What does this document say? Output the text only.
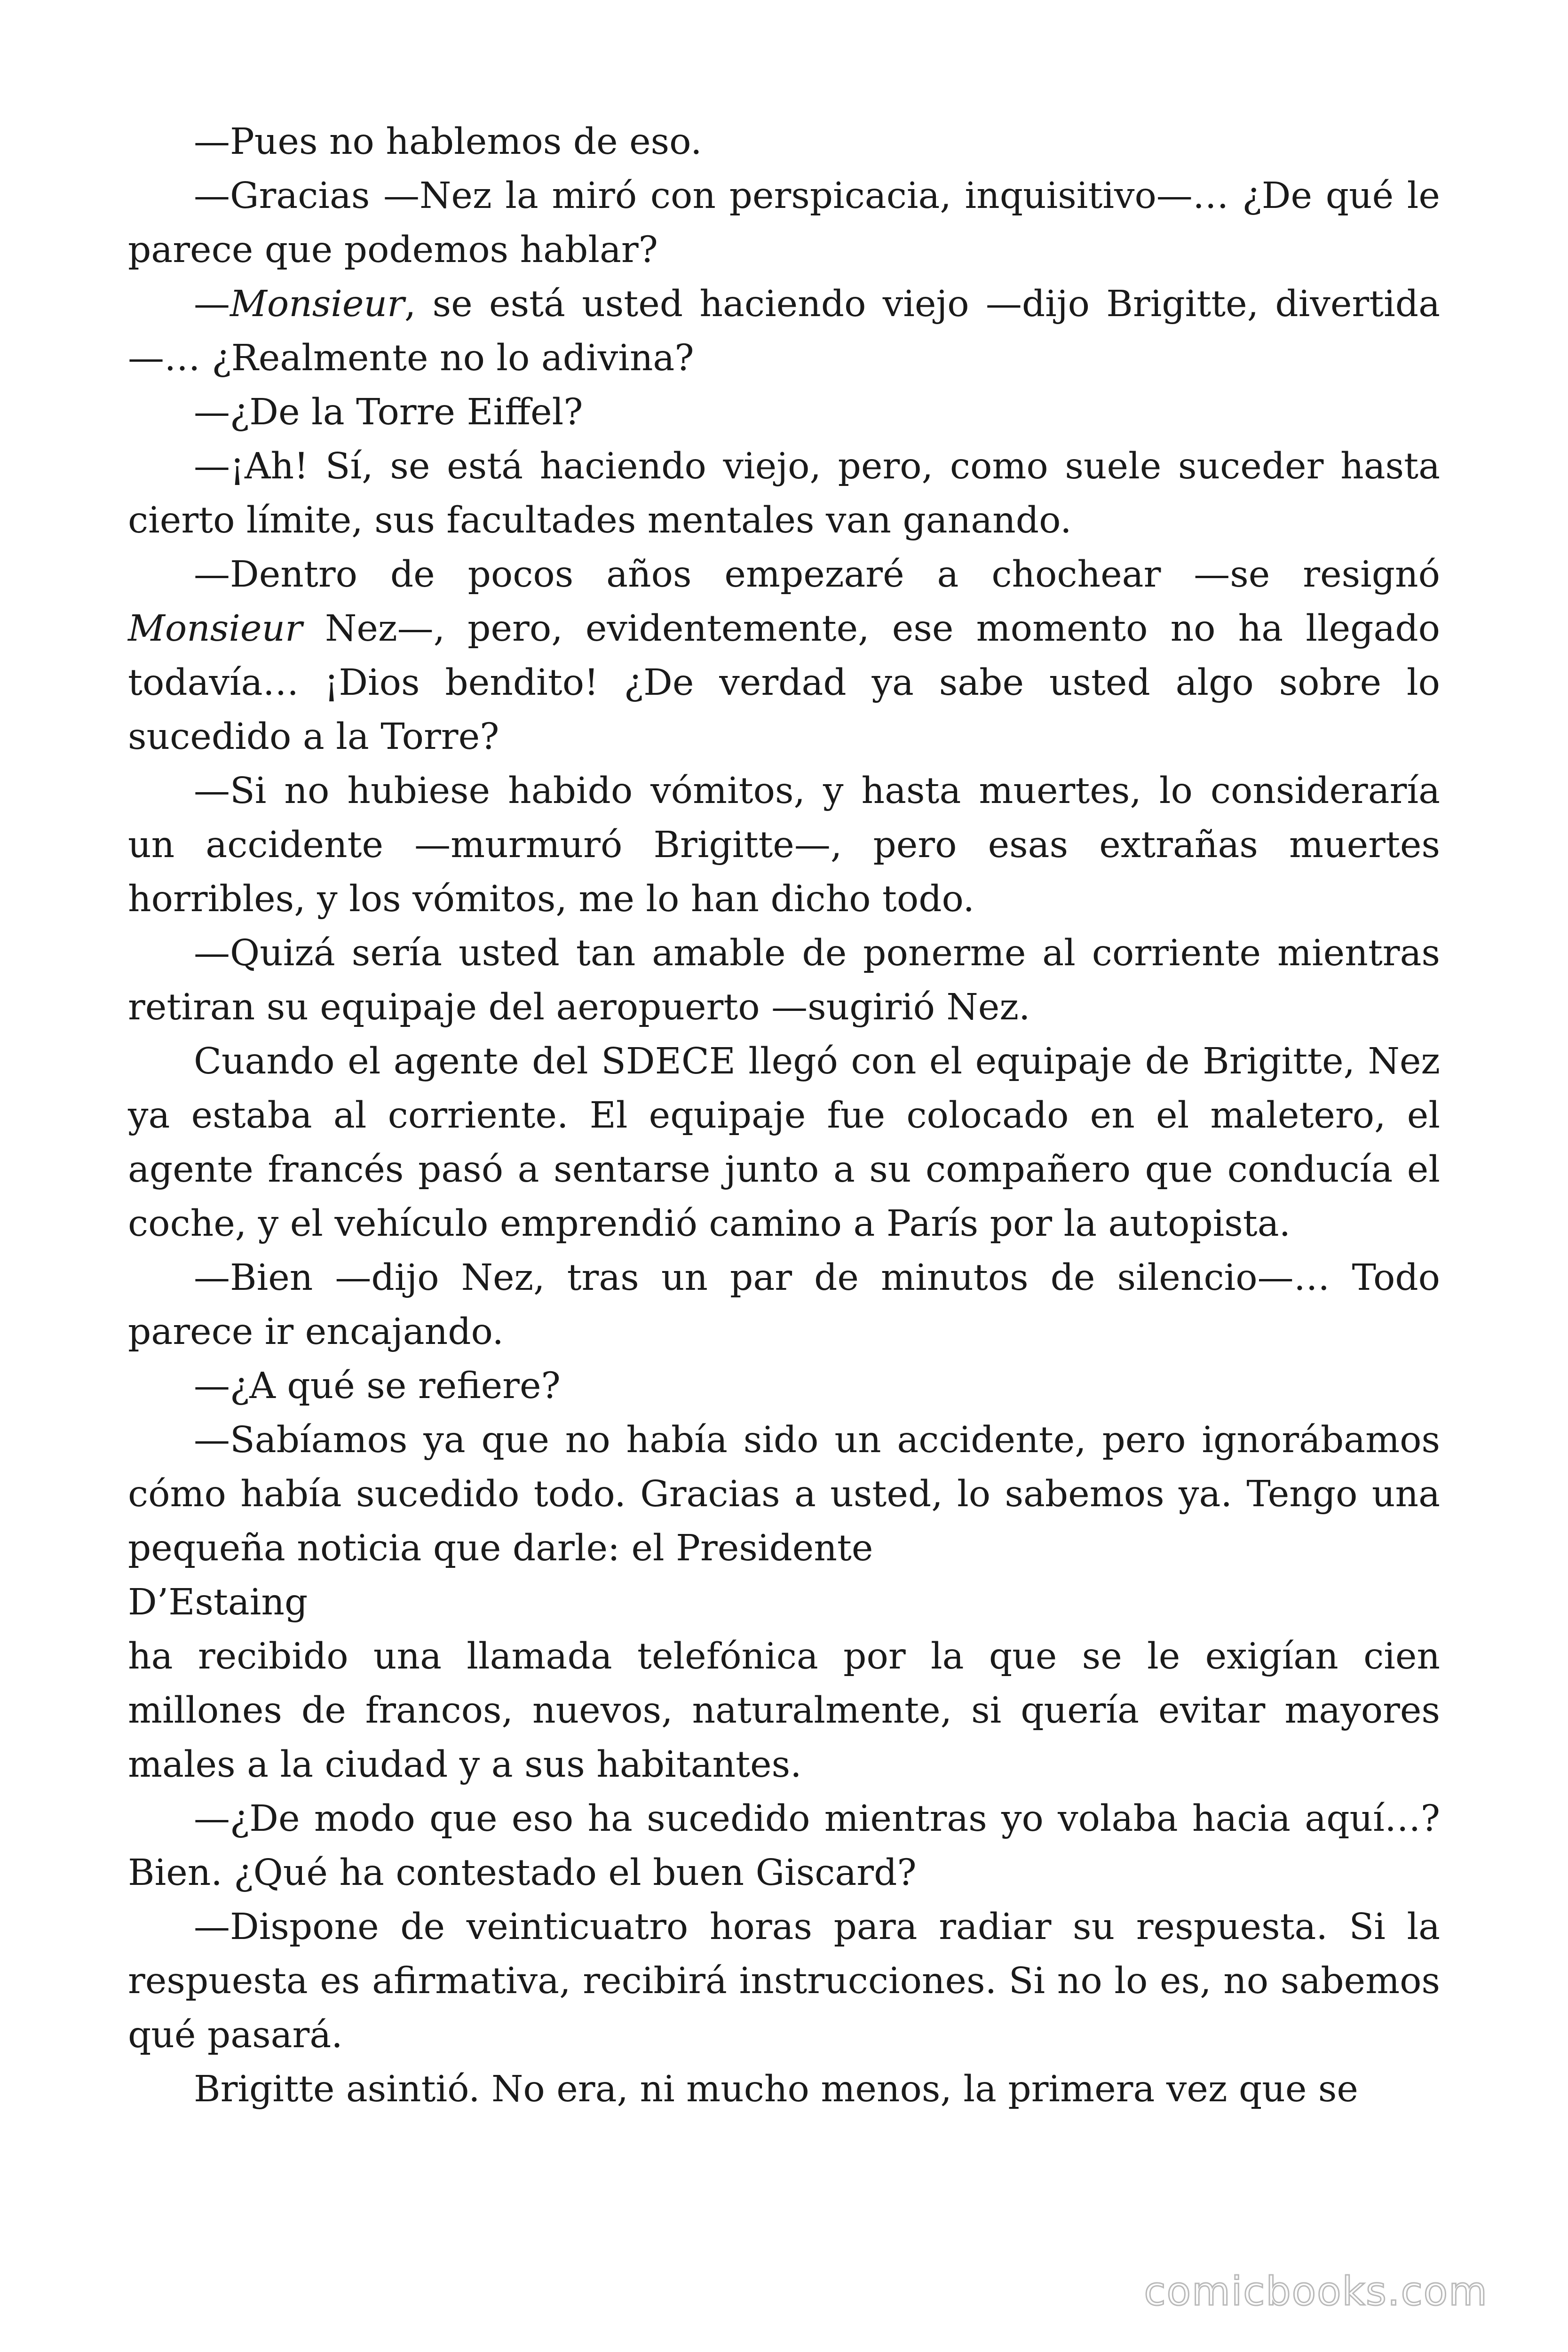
—Pues no hablemos de eso.

—Gracias —Nez la miró con perspicacia, inquisitivo—… ¿De qué le parece que podemos hablar?

—Monsieur, se está usted haciendo viejo —dijo Brigitte, divertida—… ¿Realmente no lo adivina?

—¿De la Torre Eiffel?

—¡Ah! Sí, se está haciendo viejo, pero, como suele suceder hasta cierto límite, sus facultades mentales van ganando.

—Dentro de pocos años empezaré a chochear —se resignó Monsieur Nez—, pero, evidentemente, ese momento no ha llegado todavía… ¡Dios bendito! ¿De verdad ya sabe usted algo sobre lo sucedido a la Torre?

—Si no hubiese habido vómitos, y hasta muertes, lo consideraría un accidente —murmuró Brigitte—, pero esas extrañas muertes horribles, y los vómitos, me lo han dicho todo.

—Quizá sería usted tan amable de ponerme al corriente mientras retiran su equipaje del aeropuerto —sugirió Nez.

Cuando el agente del SDECE llegó con el equipaje de Brigitte, Nez ya estaba al corriente. El equipaje fue colocado en el maletero, el agente francés pasó a sentarse junto a su compañero que conducía el coche, y el vehículo emprendió camino a París por la autopista.

—Bien —dijo Nez, tras un par de minutos de silencio—… Todo parece ir encajando.

—¿A qué se refiere?

—Sabíamos ya que no había sido un accidente, pero ignorábamos cómo había sucedido todo. Gracias a usted, lo sabemos ya. Tengo una pequeña noticia que darle: el Presidente

D’Estaing

ha recibido una llamada telefónica por la que se le exigían cien millones de francos, nuevos, naturalmente, si quería evitar mayores males a la ciudad y a sus habitantes.

—¿De modo que eso ha sucedido mientras yo volaba hacia aquí…? Bien. ¿Qué ha contestado el buen Giscard?

—Dispone de veinticuatro horas para radiar su respuesta. Si la respuesta es afirmativa, recibirá instrucciones. Si no lo es, no sabemos qué pasará.

Brigitte asintió. No era, ni mucho menos, la primera vez que se

comicbooks.com
